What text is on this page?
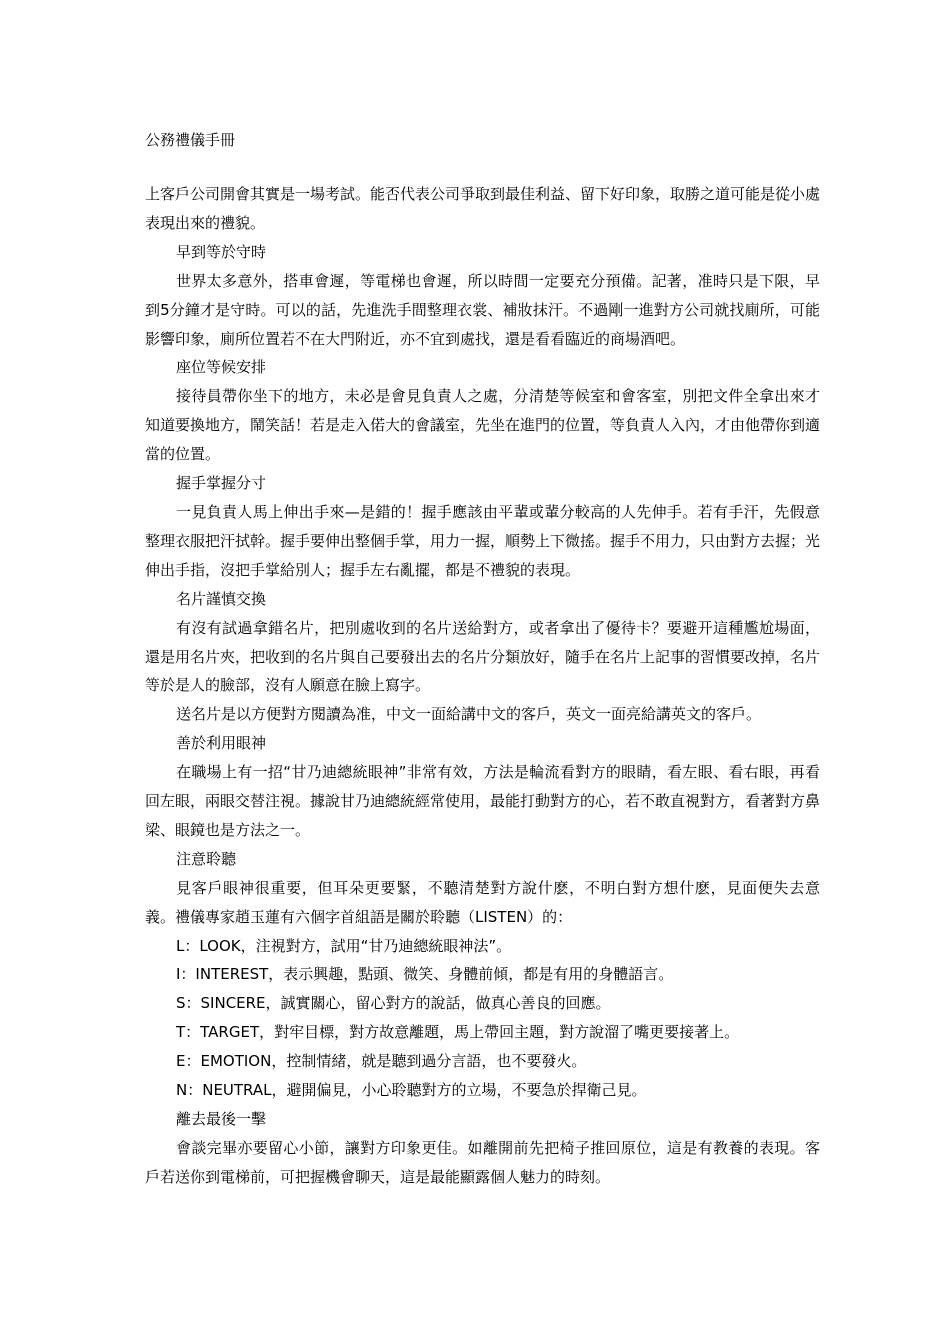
公務禮儀手冊

上客戶公司開會其實是一場考試。能否代表公司爭取到最佳利益、留下好印象，取勝之道可能是從小處表現出來的禮貌。

早到等於守時

世界太多意外，搭車會遲，等電梯也會遲，所以時間一定要充分預備。記著，准時只是下限，早到5分鐘才是守時。可以的話，先進洗手間整理衣裳、補妝抹汗。不過剛一進對方公司就找廁所，可能影響印象，廁所位置若不在大門附近，亦不宜到處找，還是看看臨近的商場酒吧。

座位等候安排

接待員帶你坐下的地方，未必是會見負責人之處，分清楚等候室和會客室，別把文件全拿出來才知道要換地方，鬧笑話！若是走入偌大的會議室，先坐在進門的位置，等負責人入內，才由他帶你到適當的位置。

握手掌握分寸

一見負責人馬上伸出手來—是錯的！握手應該由平輩或輩分較高的人先伸手。若有手汗，先假意整理衣服把汗拭幹。握手要伸出整個手掌，用力一握，順勢上下微搖。握手不用力，只由對方去握；光伸出手指，沒把手掌給別人；握手左右亂擺，都是不禮貌的表現。

名片謹慎交換

有沒有試過拿錯名片，把別處收到的名片送給對方，或者拿出了優待卡？要避开這種尷尬場面，還是用名片夾，把收到的名片與自己要發出去的名片分類放好，隨手在名片上記事的習慣要改掉，名片等於是人的臉部，沒有人願意在臉上寫字。

送名片是以方便對方閱讀為准，中文一面給講中文的客戶，英文一面亮給講英文的客戶。

善於利用眼神

在職場上有一招“甘乃迪總統眼神”非常有效，方法是輪流看對方的眼睛，看左眼、看右眼，再看回左眼，兩眼交替注視。據說甘乃迪總統經常使用，最能打動對方的心，若不敢直視對方，看著對方鼻梁、眼鏡也是方法之一。

注意聆聽

見客戶眼神很重要，但耳朵更要緊，不聽清楚對方說什麽，不明白對方想什麽，見面便失去意義。禮儀專家趙玉蓮有六個字首組語是關於聆聽（LISTEN）的：

L：LOOK，注視對方，試用“甘乃迪總統眼神法”。

I：INTEREST，表示興趣，點頭、微笑、身體前傾，都是有用的身體語言。

S：SINCERE，誠實關心，留心對方的說話，做真心善良的回應。

T：TARGET，對牢目標，對方故意離題，馬上帶回主題，對方說溜了嘴更要接著上。

E：EMOTION，控制情緒，就是聽到過分言語，也不要發火。

N：NEUTRAL，避開偏見，小心聆聽對方的立場，不要急於捍衛己見。

離去最後一擊

會談完畢亦要留心小節，讓對方印象更佳。如離開前先把椅子推回原位，這是有教養的表現。客戶若送你到電梯前，可把握機會聊天，這是最能顯露個人魅力的時刻。
